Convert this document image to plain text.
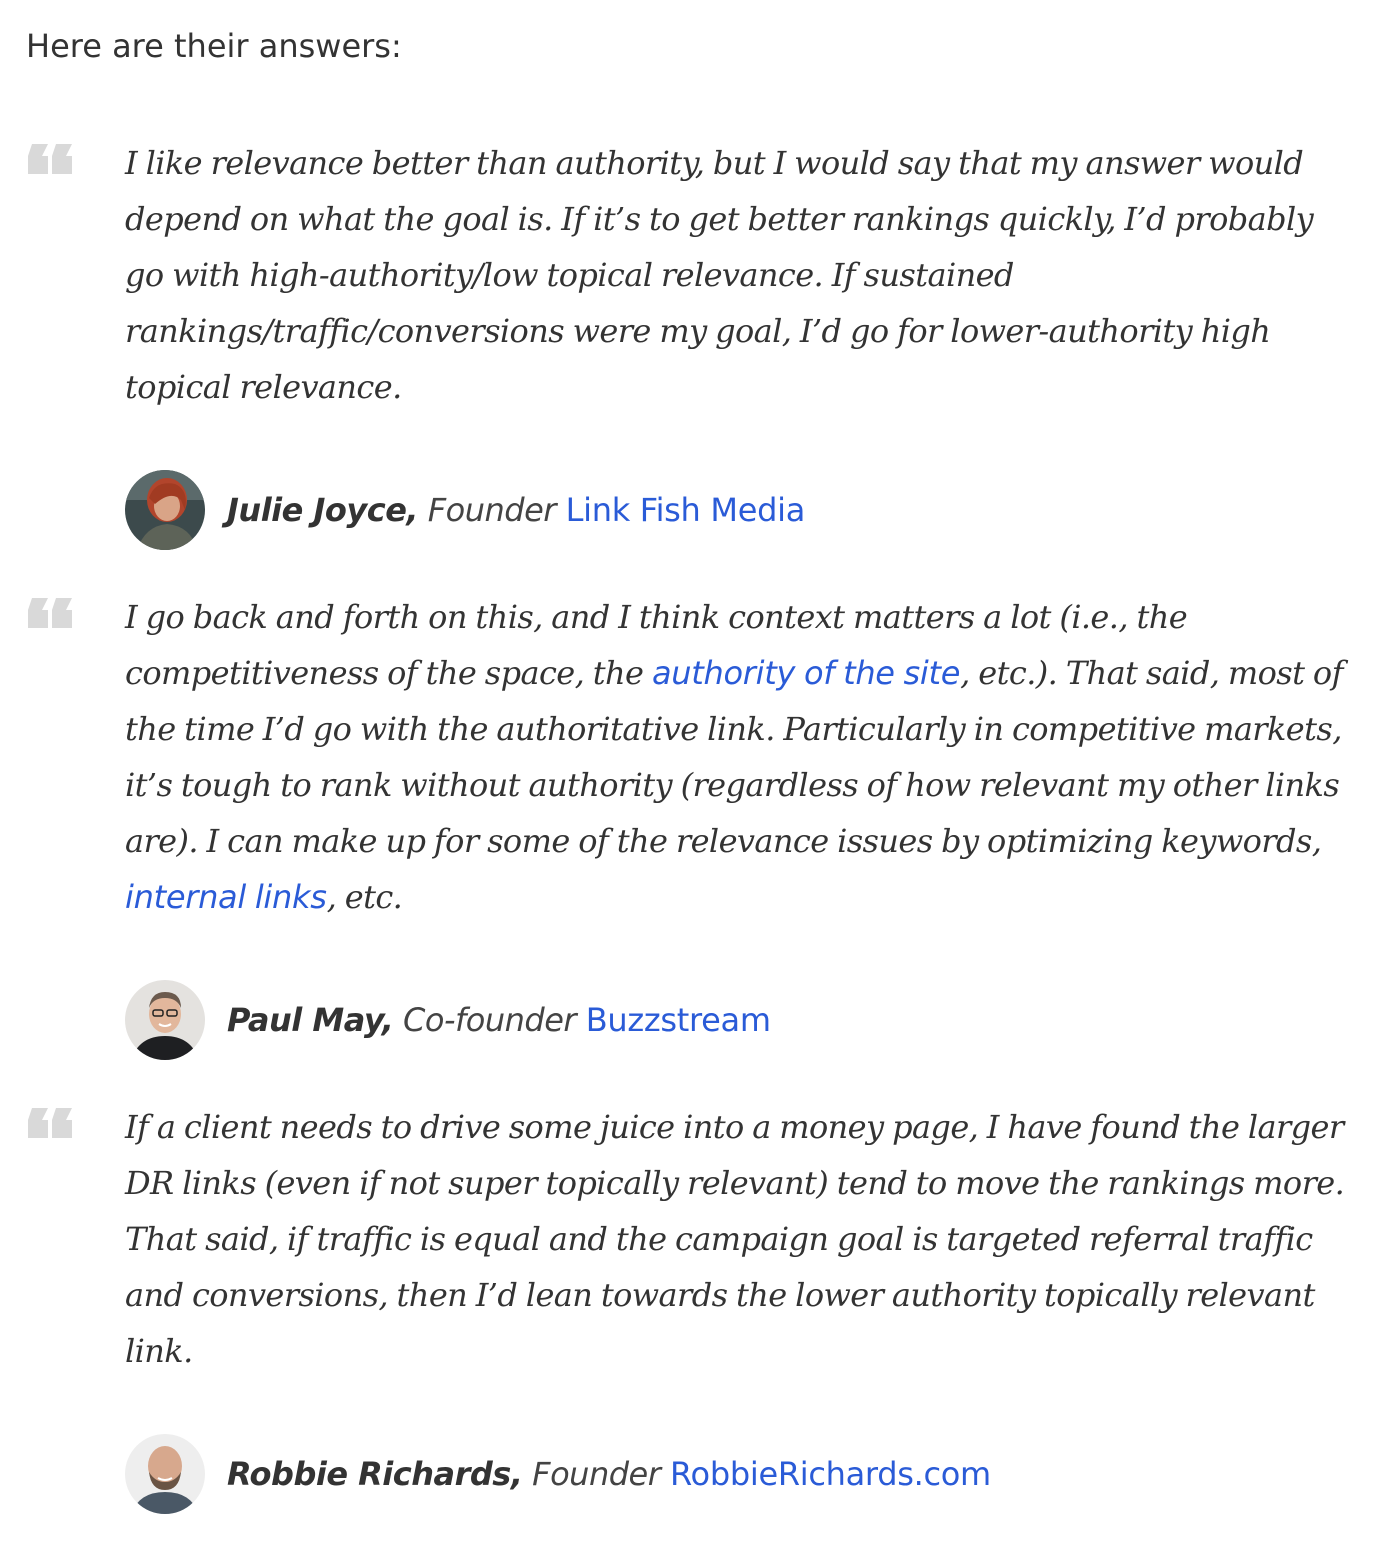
Here are their answers:

I like relevance better than authority, but I would say that my answer would depend on what the goal is. If it’s to get better rankings quickly, I’d probably go with high-authority/low topical relevance. If sustained rankings/traffic/conversions were my goal, I’d go for lower-authority high topical relevance.

Julie Joyce, Founder Link Fish Media

I go back and forth on this, and I think context matters a lot (i.e., the competitiveness of the space, the authority of the site, etc.). That said, most of the time I’d go with the authoritative link. Particularly in competitive markets, it’s tough to rank without authority (regardless of how relevant my other links are). I can make up for some of the relevance issues by optimizing keywords, internal links, etc.

Paul May, Co-founder Buzzstream

If a client needs to drive some juice into a money page, I have found the larger DR links (even if not super topically relevant) tend to move the rankings more. That said, if traffic is equal and the campaign goal is targeted referral traffic and conversions, then I’d lean towards the lower authority topically relevant link.

Robbie Richards, Founder RobbieRichards.com
